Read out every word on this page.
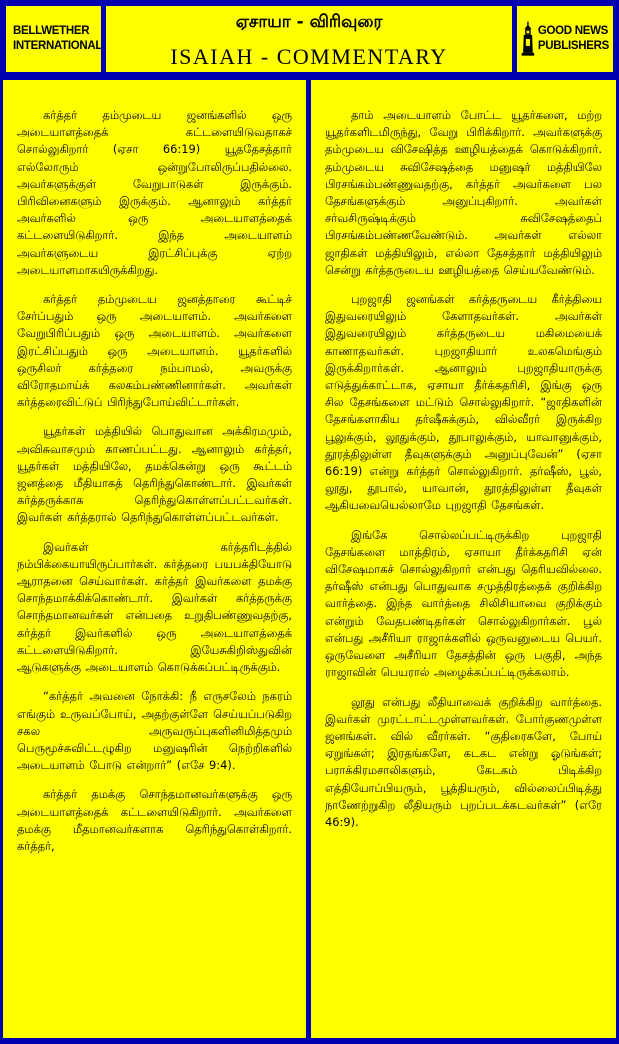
BELLWETHER
INTERNATIONAL
ஏசாயா - விரிவுரை
ISAIAH - COMMENTARY
GOOD NEWS
PUBLISHERS

கர்த்தர் தம்முடைய ஜனங்களில் ஒரு அடையாளத்தைக் கட்டளையிடுவதாகச் சொல்லுகிறார் (ஏசா 66:19) யூததேசத்தார் எல்லோரும் ஒன்றுபோலிருப்பதில்லை. அவர்களுக்குள் வேறுபாடுகள் இருக்கும். பிரிவினைகளும் இருக்கும். ஆனாலும் கர்த்தர் அவர்களில் ஒரு அடையாளத்தைக் கட்டளையிடுகிறார். இந்த அடையாளம் அவர்களுடைய இரட்சிப்புக்கு ஏற்ற அடையாளமாகயிருக்கிறது.

கர்த்தர் தம்முடைய ஜனத்தாரை கூட்டிச் சேர்ப்பதும் ஒரு அடையாளம். அவர்களை வேறுபிரிப்பதும் ஒரு அடையாளம். அவர்களை இரட்சிப்பதும் ஒரு அடையாளம். யூதர்களில் ஒருசிலர் கர்த்தரை நம்பாமல், அவருக்கு விரோதமாய்க் கலகம்பண்ணினார்கள். அவர்கள் கர்த்தரைவிட்டுப் பிரிந்துபோய்விட்டார்கள்.

யூதர்கள் மத்தியில் பொதுவான அக்கிரமமும், அவிசுவாசமும் காணப்பட்டது. ஆனாலும் கர்த்தர், யூதர்கள் மத்தியிலே, தமக்கென்று ஒரு கூட்டம் ஜனத்தை மீதியாகத் தெரிந்துகொண்டார். இவர்கள் கர்த்தருக்காக தெரிந்துகொள்ளப்பட்டவர்கள். இவர்கள் கர்த்தரால் தெரிந்துகொள்ளப்பட்டவர்கள்.

இவர்கள் கர்த்தரிடத்தில் நம்பிக்கையாயிருப்பார்கள். கர்த்தரை பயபக்தியோடு ஆராதனை செய்வார்கள். கர்த்தர் இவர்களை தமக்கு சொந்தமாக்கிக்கொண்டார். இவர்கள் கர்த்தருக்கு சொந்தமானவர்கள் என்பதை உறுதிபண்ணுவதற்கு, கர்த்தர் இவர்களில் ஒரு அடையாளத்தைக் கட்டளையிடுகிறார். இயேசுகிறிஸ்துவின் ஆடுகளுக்கு அடையாளம் கொடுக்கப்பட்டிருக்கும்.

“கர்த்தர் அவனை நோக்கி: நீ எருசலேம் நகரம் எங்கும் உருவப்போய், அதற்குள்ளே செய்யப்படுகிற சகல அருவருப்புகளினிமித்தமும் பெருமூச்சுவிட்டழுகிற மனுஷரின் நெற்றிகளில் அடையாளம் போடு என்றார்” (எசே 9:4).

கர்த்தர் தமக்கு சொந்தமானவர்களுக்கு ஒரு அடையாளத்தைக் கட்டளையிடுகிறார். அவர்களை தமக்கு மீதமானவர்களாக தெரிந்துகொள்கிறார். கர்த்தர்,

தாம் அடையாளம் போட்ட யூதர்களை, மற்ற யூதர்களிடமிருந்து, வேறு பிரிக்கிறார். அவர்களுக்கு தம்முடைய விசேஷித்த ஊழியத்தைக் கொடுக்கிறார். தம்முடைய சுவிசேஷத்தை மனுஷர் மத்தியிலே பிரசங்கம்பண்ணுவதற்கு, கர்த்தர் அவர்களை பல தேசங்களுக்கும் அனுப்புகிறார். அவர்கள் சர்வசிருஷ்டிக்கும் சுவிசேஷத்தைப் பிரசங்கம்பண்ணவேண்டும். அவர்கள் எல்லா ஜாதிகள் மத்தியிலும், எல்லா தேசத்தார் மத்தியிலும் சென்று கர்த்தருடைய ஊழியத்தை செய்யவேண்டும்.

புறஜாதி ஜனங்கள் கர்த்தருடைய கீர்த்தியை இதுவரையிலும் கேளாதவர்கள். அவர்கள் இதுவரையிலும் கர்த்தருடைய மகிமையைக் காணாதவர்கள். புறஜாதியார் உலகமெங்கும் இருக்கிறார்கள். ஆனாலும் புறஜாதியாருக்கு எடுத்துக்காட்டாக, ஏசாயா தீர்க்கதரிசி, இங்கு ஒரு சில தேசங்களை மட்டும் சொல்லுகிறார். “ஜாதிகளின் தேசங்களாகிய தர்ஷீசுக்கும், வில்வீரர் இருக்கிற பூலுக்கும், லூதுக்கும், தூபாலுக்கும், யாவானுக்கும், தூரத்திலுள்ள தீவுகளுக்கும் அனுப்புவேன்” (ஏசா 66:19) என்று கர்த்தர் சொல்லுகிறார். தர்ஷீஸ், பூல், லூது, தூபால், யாவான், தூரத்திலுள்ள தீவுகள் ஆகியவையெல்லாமே புறஜாதி தேசங்கள்.

இங்கே சொல்லப்பட்டிருக்கிற புறஜாதி தேசங்களை மாத்திரம், ஏசாயா தீர்க்கதரிசி ஏன் விசேஷமாகச் சொல்லுகிறார் என்பது தெரியவில்லை. தர்ஷீஸ் என்பது பொதுவாக சமுத்திரத்தைக் குறிக்கிற வார்த்தை. இந்த வார்த்தை சிலிசியாவை குறிக்கும் என்றும் வேதபண்டிதர்கள் சொல்லுகிறார்கள். பூல் என்பது அசீரியா ராஜாக்களில் ஒருவனுடைய பெயர். ஒருவேளை அசீரியா தேசத்தின் ஒரு பகுதி, அந்த ராஜாவின் பெயரால் அழைக்கப்பட்டிருக்கலாம்.

லூது என்பது லீதியாவைக் குறிக்கிற வார்த்தை. இவர்கள் முரட்டாட்டமுள்ளவர்கள். போர்குணமுள்ள ஜனங்கள். வில் வீரர்கள். “குதிரைகளே, போய் ஏறுங்கள்; இரதங்களே, கடகட என்று ஓடுங்கள்; பராக்கிரமசாலிகளும், கேடகம் பிடிக்கிற எத்தியோப்பியரும், பூத்தியரும், வில்லைப்பிடித்து நாணேற்றுகிற லீதியரும் புறப்படக்கடவர்கள்” (எரே 46:9).
